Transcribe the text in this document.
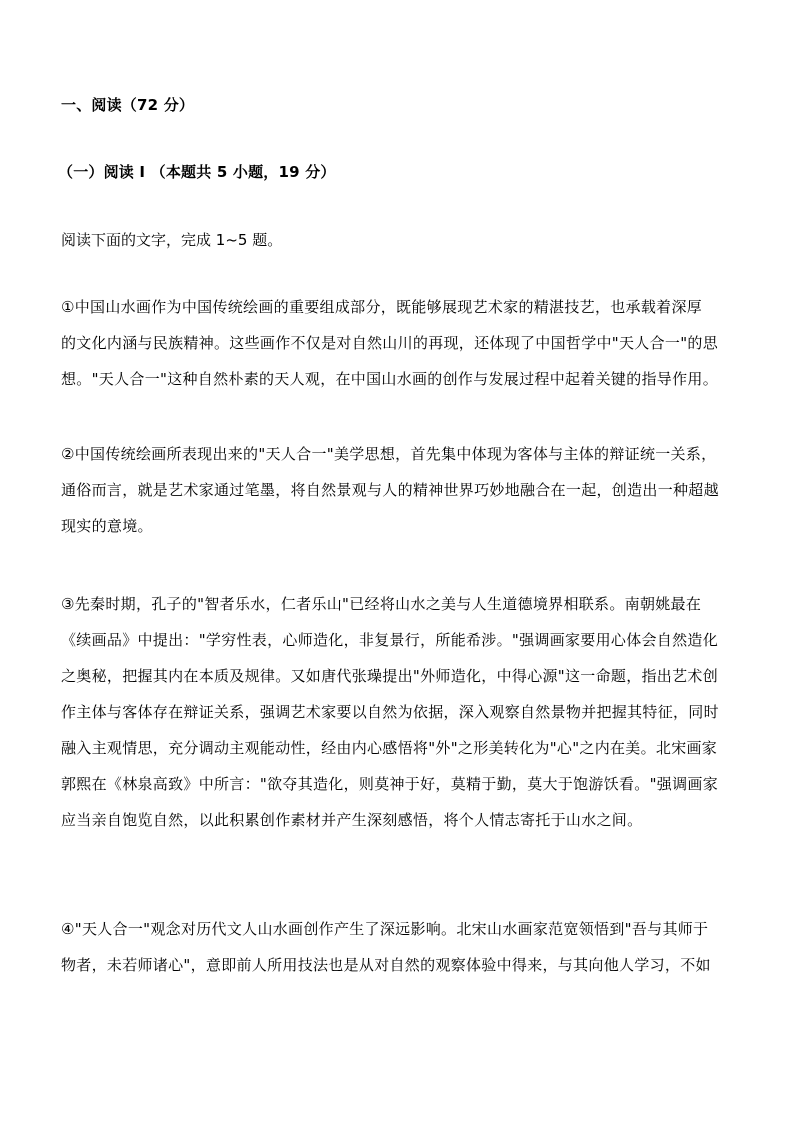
一、阅读（72 分）
（一）阅读 I （本题共 5 小题，19 分）
阅读下面的文字，完成 1~5 题。
①中国山水画作为中国传统绘画的重要组成部分，既能够展现艺术家的精湛技艺，也承载着深厚
的文化内涵与民族精神。这些画作不仅是对自然山川的再现，还体现了中国哲学中"天人合一"的思
想。"天人合一"这种自然朴素的天人观，在中国山水画的创作与发展过程中起着关键的指导作用。
②中国传统绘画所表现出来的"天人合一"美学思想，首先集中体现为客体与主体的辩证统一关系，
通俗而言，就是艺术家通过笔墨，将自然景观与人的精神世界巧妙地融合在一起，创造出一种超越
现实的意境。
③先秦时期，孔子的"智者乐水，仁者乐山"已经将山水之美与人生道德境界相联系。南朝姚最在
《续画品》中提出："学穷性表，心师造化，非复景行，所能希涉。"强调画家要用心体会自然造化
之奥秘，把握其内在本质及规律。又如唐代张璪提出"外师造化，中得心源"这一命题，指出艺术创
作主体与客体存在辩证关系，强调艺术家要以自然为依据，深入观察自然景物并把握其特征，同时
融入主观情思，充分调动主观能动性，经由内心感悟将"外"之形美转化为"心"之内在美。北宋画家
郭熙在《林泉高致》中所言："欲夺其造化，则莫神于好，莫精于勤，莫大于饱游饫看。"强调画家
应当亲自饱览自然，以此积累创作素材并产生深刻感悟，将个人情志寄托于山水之间。
④"天人合一"观念对历代文人山水画创作产生了深远影响。北宋山水画家范宽领悟到"吾与其师于
物者，未若师诸心"，意即前人所用技法也是从对自然的观察体验中得来，与其向他人学习，不如
